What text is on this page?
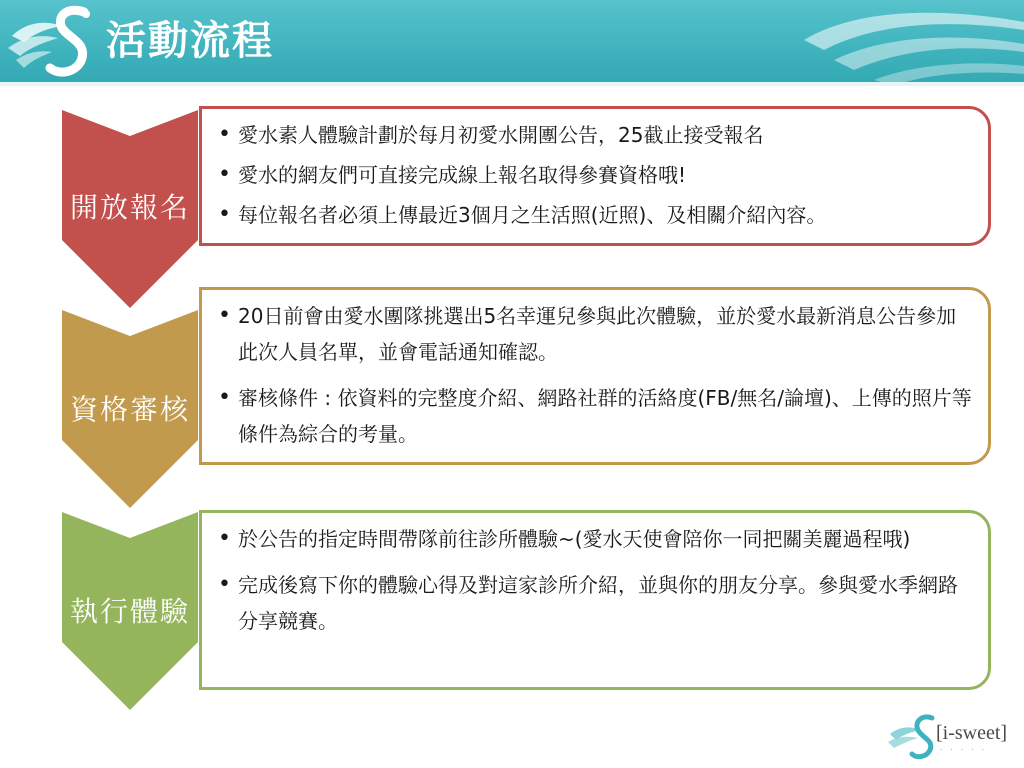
活動流程
開放報名
• 愛水素人體驗計劃於每月初愛水開團公告，25截止接受報名
• 愛水的網友們可直接完成線上報名取得參賽資格哦!
• 每位報名者必須上傳最近3個月之生活照(近照)、及相關介紹內容。
資格審核
• 20日前會由愛水團隊挑選出5名幸運兒參與此次體驗，並於愛水最新消息公告參加此次人員名單，並會電話通知確認。
• 審核條件 : 依資料的完整度介紹、網路社群的活絡度(FB/無名/論壇)、上傳的照片等條件為綜合的考量。
執行體驗
• 於公告的指定時間帶隊前往診所體驗~(愛水天使會陪你一同把關美麗過程哦)
• 完成後寫下你的體驗心得及對這家診所介紹，並與你的朋友分享。參與愛水季網路分享競賽。
[i-sweet]
· · · · ·
